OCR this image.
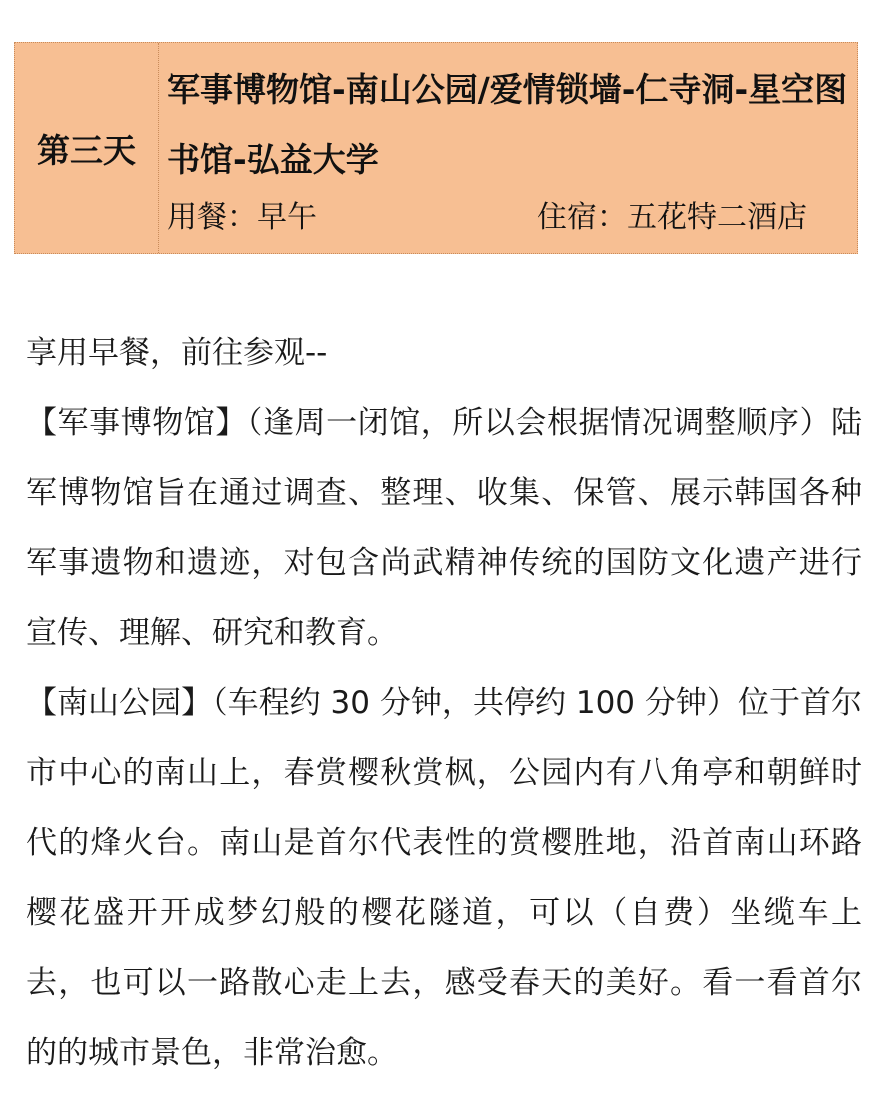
第三天
军事博物馆-南山公园/爱情锁墙-仁寺洞-星空图书馆-弘益大学
用餐：早午	住宿：五花特二酒店

享用早餐，前往参观--

【军事博物馆】（逢周一闭馆，所以会根据情况调整顺序）陆军博物馆旨在通过调查、整理、收集、保管、展示韩国各种军事遗物和遗迹，对包含尚武精神传统的国防文化遗产进行宣传、理解、研究和教育。

【南山公园】（车程约 30 分钟，共停约 100 分钟）位于首尔市中心的南山上，春赏樱秋赏枫，公园内有八角亭和朝鲜时代的烽火台。南山是首尔代表性的赏樱胜地，沿首南山环路樱花盛开开成梦幻般的樱花隧道，可以（自费）坐缆车上去，也可以一路散心走上去，感受春天的美好。看一看首尔的的城市景色，非常治愈。
